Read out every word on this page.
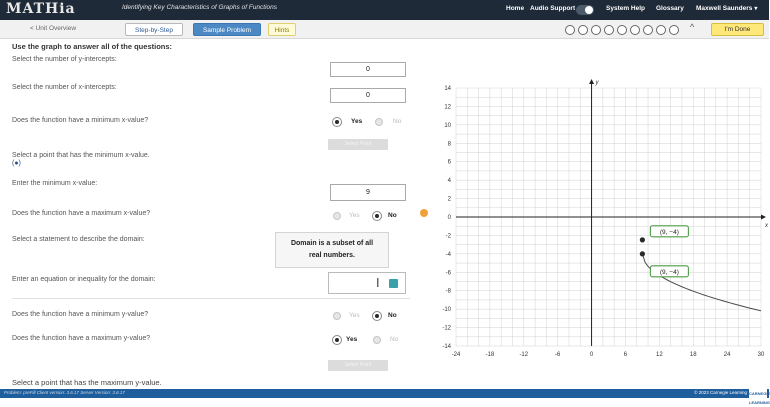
MATHia	Identifying Key Characteristics of Graphs of Functions	Home Audio Support	System Help Glossary Maxwell Saunders ▾
< Unit Overview	Step-by-Step	Sample Problem	Hints	^	I'm Done
Use the graph to answer all of the questions:
Select the number of y-intercepts:
0
Select the number of x-intercepts:
0
Does the function have a minimum x-value?	Yes	No
Select Point
Select a point that has the minimum x-value.
(●)
Enter the minimum x-value:
9
Does the function have a maximum x-value?	Yes	No
Select a statement to describe the domain:
Domain is a subset of all
real numbers.
Enter an equation or inequality for the domain:	I
Does the function have a minimum y-value?	Yes	No
Does the function have a maximum y-value?	Yes	No
Select Point
Select a point that has the maximum y-value.
x
y
-24	-18	-12	-6	0	6	12	18	24	30
14
12
10
8
6
4
2
0
-2
-4
-6
-8
-10
-12
-14
(9, −4)
(9, −4)
Problem: preFill Client version: 3.6.17 Server Version: 3.6.17	© 2023 Carnegie Learning CARNEGIE LEARNING
